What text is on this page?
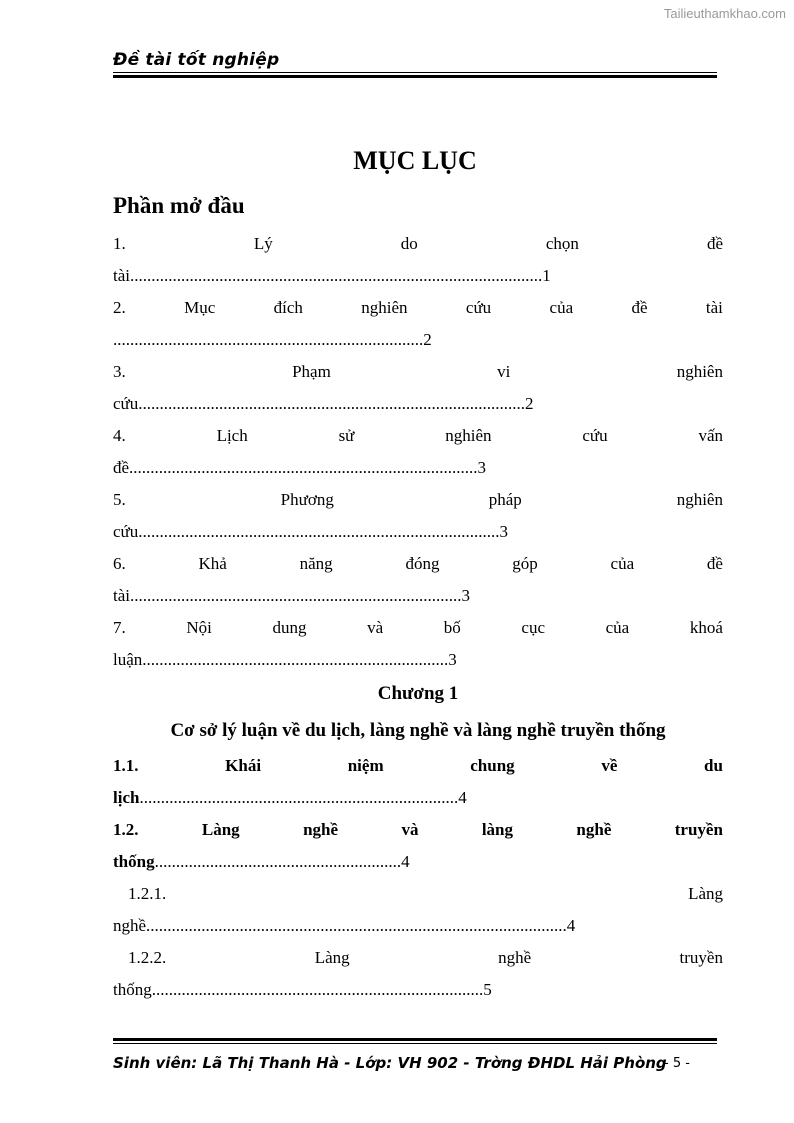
Tailieuthamkhao.com
Đề tài tốt nghiệp
MỤC LỤC
Phần mở đầu
1.	Lý	do	chọn	đề
tài ................................................................................................. 1
2.	Mục	đích	nghiên	cứu	của	đề	tài
......................................................................... 2
3.	Phạm	vi	nghiên
cứu ........................................................................................... 2
4.	Lịch	sử	nghiên	cứu	vấn
đề .................................................................................. 3
5.	Phương	pháp	nghiên
cứu ..................................................................................... 3
6.	Khả	năng	đóng	góp	của	đề
tài .............................................................................. 3
7.	Nội	dung	và	bố	cục	của	khoá
luận ........................................................................ 3
Chương 1
Cơ sở lý luận về du lịch, làng nghề và làng nghề truyền thống
1.1.	Khái	niệm	chung	về	du
lịch ........................................................................... 4
1.2.	Làng	nghề	và	làng	nghề	truyền
thống .......................................................... 4
1.2.1.	Làng
nghề ................................................................................................... 4
1.2.2.	Làng	nghề	truyền
thống .............................................................................. 5
Sinh viên: Lã Thị Thanh Hà - Lớp: VH 902 - Trờng ĐHDL Hải Phòng
- 5 -
